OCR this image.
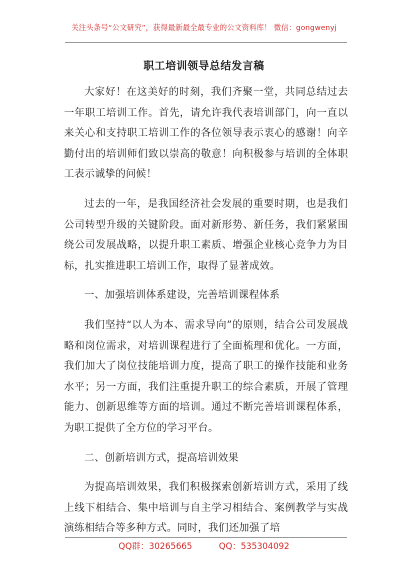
关注头条号“公文研究”，获得最新最全最专业的公文资料库！ 微信：gongwenyj
职工培训领导总结发言稿

大家好！在这美好的时刻，我们齐聚一堂，共同总结过去一年职工培训工作。首先，请允许我代表培训部门，向一直以来关心和支持职工培训工作的各位领导表示衷心的感谢！向辛勤付出的培训师们致以崇高的敬意！向积极参与培训的全体职工表示诚挚的问候！

过去的一年，是我国经济社会发展的重要时期，也是我们公司转型升级的关键阶段。面对新形势、新任务，我们紧紧围绕公司发展战略，以提升职工素质、增强企业核心竞争力为目标，扎实推进职工培训工作，取得了显著成效。

一、加强培训体系建设，完善培训课程体系

我们坚持“以人为本、需求导向”的原则，结合公司发展战略和岗位需求，对培训课程进行了全面梳理和优化。一方面，我们加大了岗位技能培训力度，提高了职工的操作技能和业务水平；另一方面，我们注重提升职工的综合素质，开展了管理能力、创新思维等方面的培训。通过不断完善培训课程体系，为职工提供了全方位的学习平台。

二、创新培训方式，提高培训效果

为提高培训效果，我们积极探索创新培训方式，采用了线上线下相结合、集中培训与自主学习相结合、案例教学与实战演练相结合等多种方式。同时，我们还加强了培

QQ群：30265665	QQ：535304092
